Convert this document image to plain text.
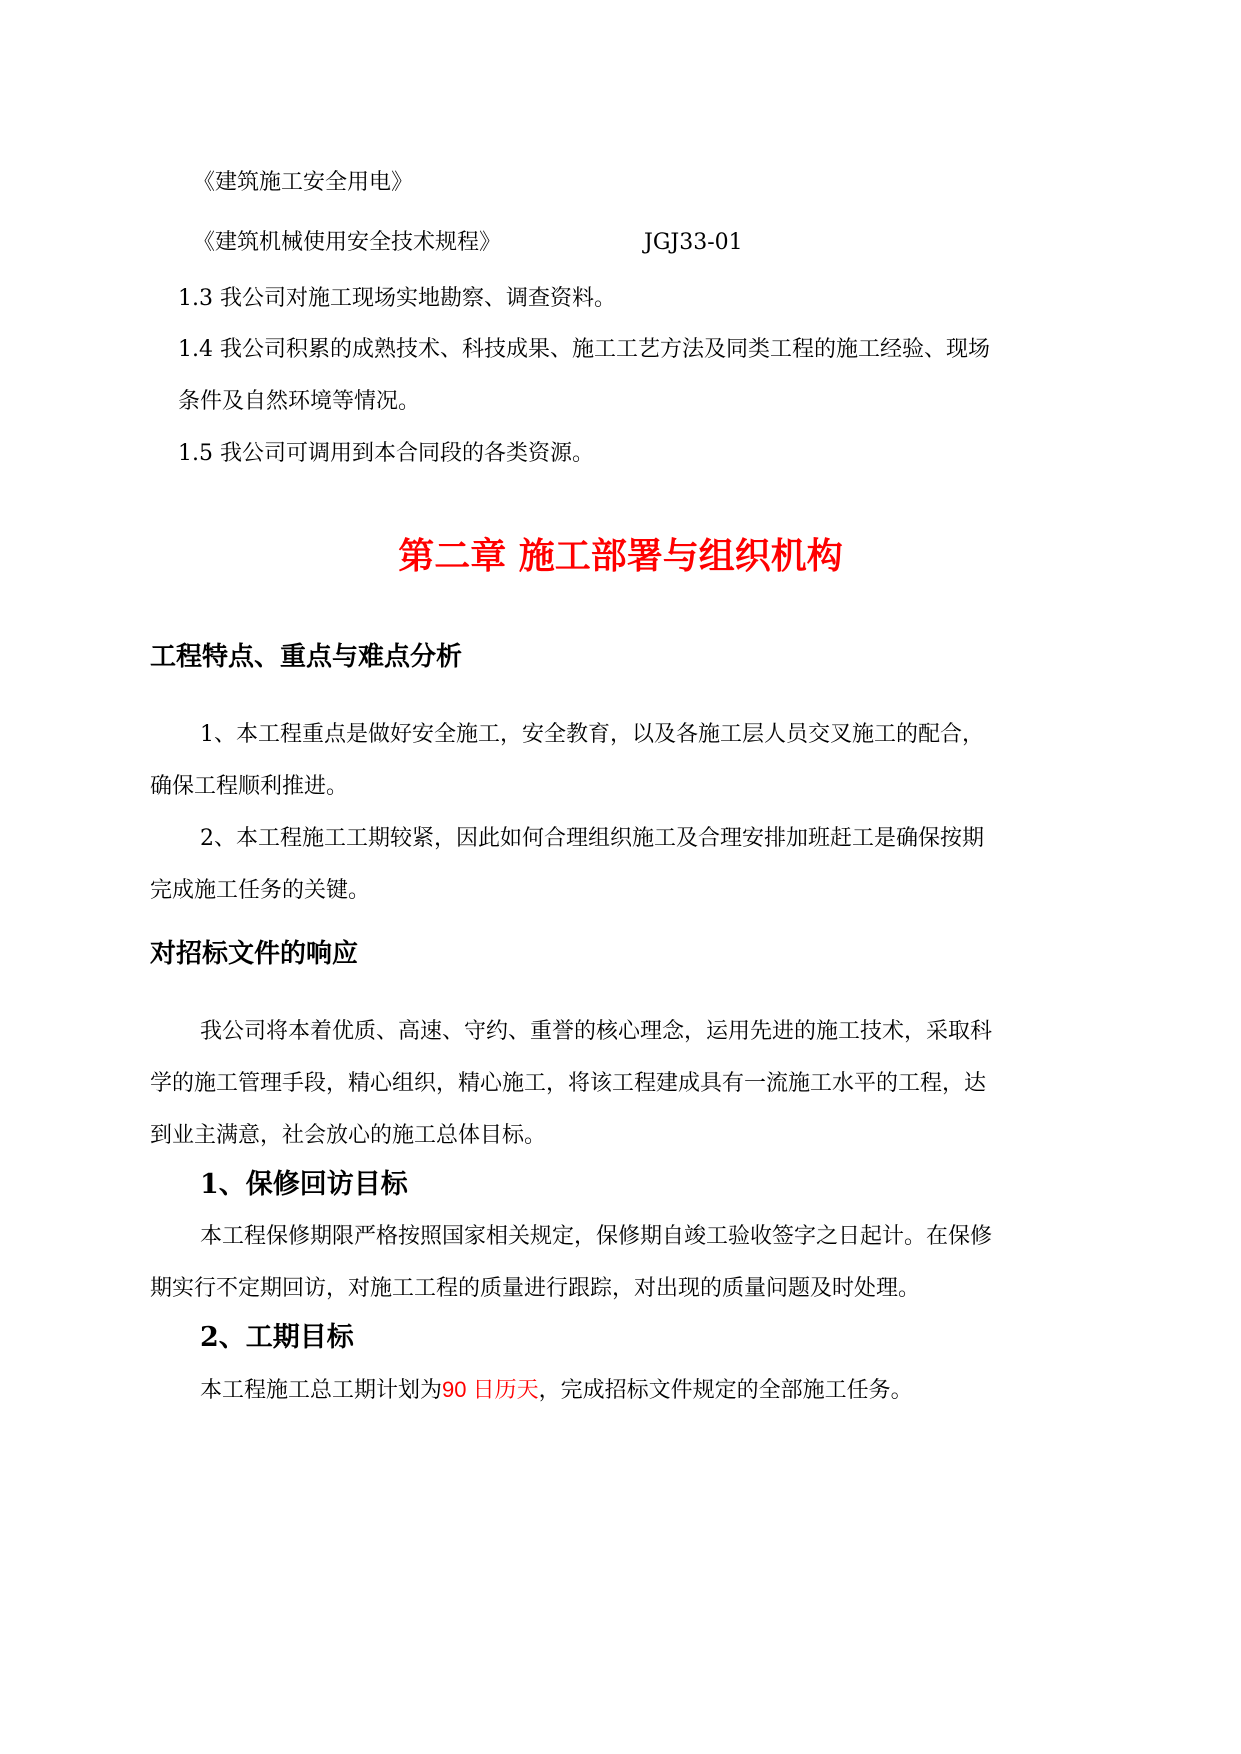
《建筑施工安全用电》

《建筑机械使用安全技术规程》	JGJ33-01

1.3 我公司对施工现场实地勘察、调查资料。

1.4 我公司积累的成熟技术、科技成果、施工工艺方法及同类工程的施工经验、现场

条件及自然环境等情况。

1.5 我公司可调用到本合同段的各类资源。

第二章 施工部署与组织机构
工程特点、重点与难点分析

1、本工程重点是做好安全施工，安全教育，以及各施工层人员交叉施工的配合，

确保工程顺利推进。

2、本工程施工工期较紧，因此如何合理组织施工及合理安排加班赶工是确保按期

完成施工任务的关键。

对招标文件的响应

我公司将本着优质、高速、守约、重誉的核心理念，运用先进的施工技术，采取科

学的施工管理手段，精心组织，精心施工，将该工程建成具有一流施工水平的工程，达

到业主满意，社会放心的施工总体目标。

1、保修回访目标

本工程保修期限严格按照国家相关规定，保修期自竣工验收签字之日起计。在保修

期实行不定期回访，对施工工程的质量进行跟踪，对出现的质量问题及时处理。

2、工期目标

本工程施工总工期计划为90 日历天，完成招标文件规定的全部施工任务。
